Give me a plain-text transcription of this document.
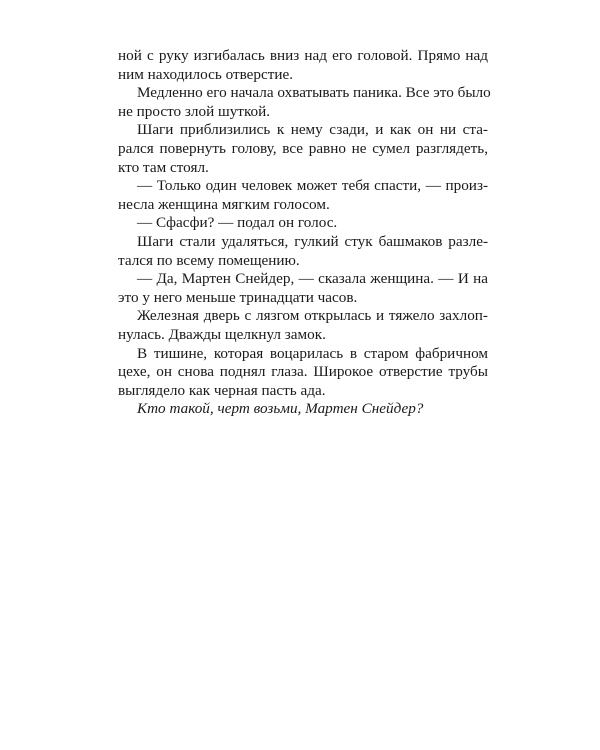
ной с руку изгибалась вниз над его головой. Прямо над
ним находилось отверстие.
Медленно его начала охватывать паника. Все это было
не просто злой шуткой.
Шаги приблизились к нему сзади, и как он ни ста-
рался повернуть голову, все равно не сумел разглядеть,
кто там стоял.
— Только один человек может тебя спасти, — произ-
несла женщина мягким голосом.
— Сфасфи? — подал он голос.
Шаги стали удаляться, гулкий стук башмаков разле-
тался по всему помещению.
— Да, Мартен Снейдер, — сказала женщина. — И на
это у него меньше тринадцати часов.
Железная дверь с лязгом открылась и тяжело захлоп-
нулась. Дважды щелкнул замок.
В тишине, которая воцарилась в старом фабричном
цехе, он снова поднял глаза. Широкое отверстие трубы
выглядело как черная пасть ада.
Кто такой, черт возьми, Мартен Снейдер?
